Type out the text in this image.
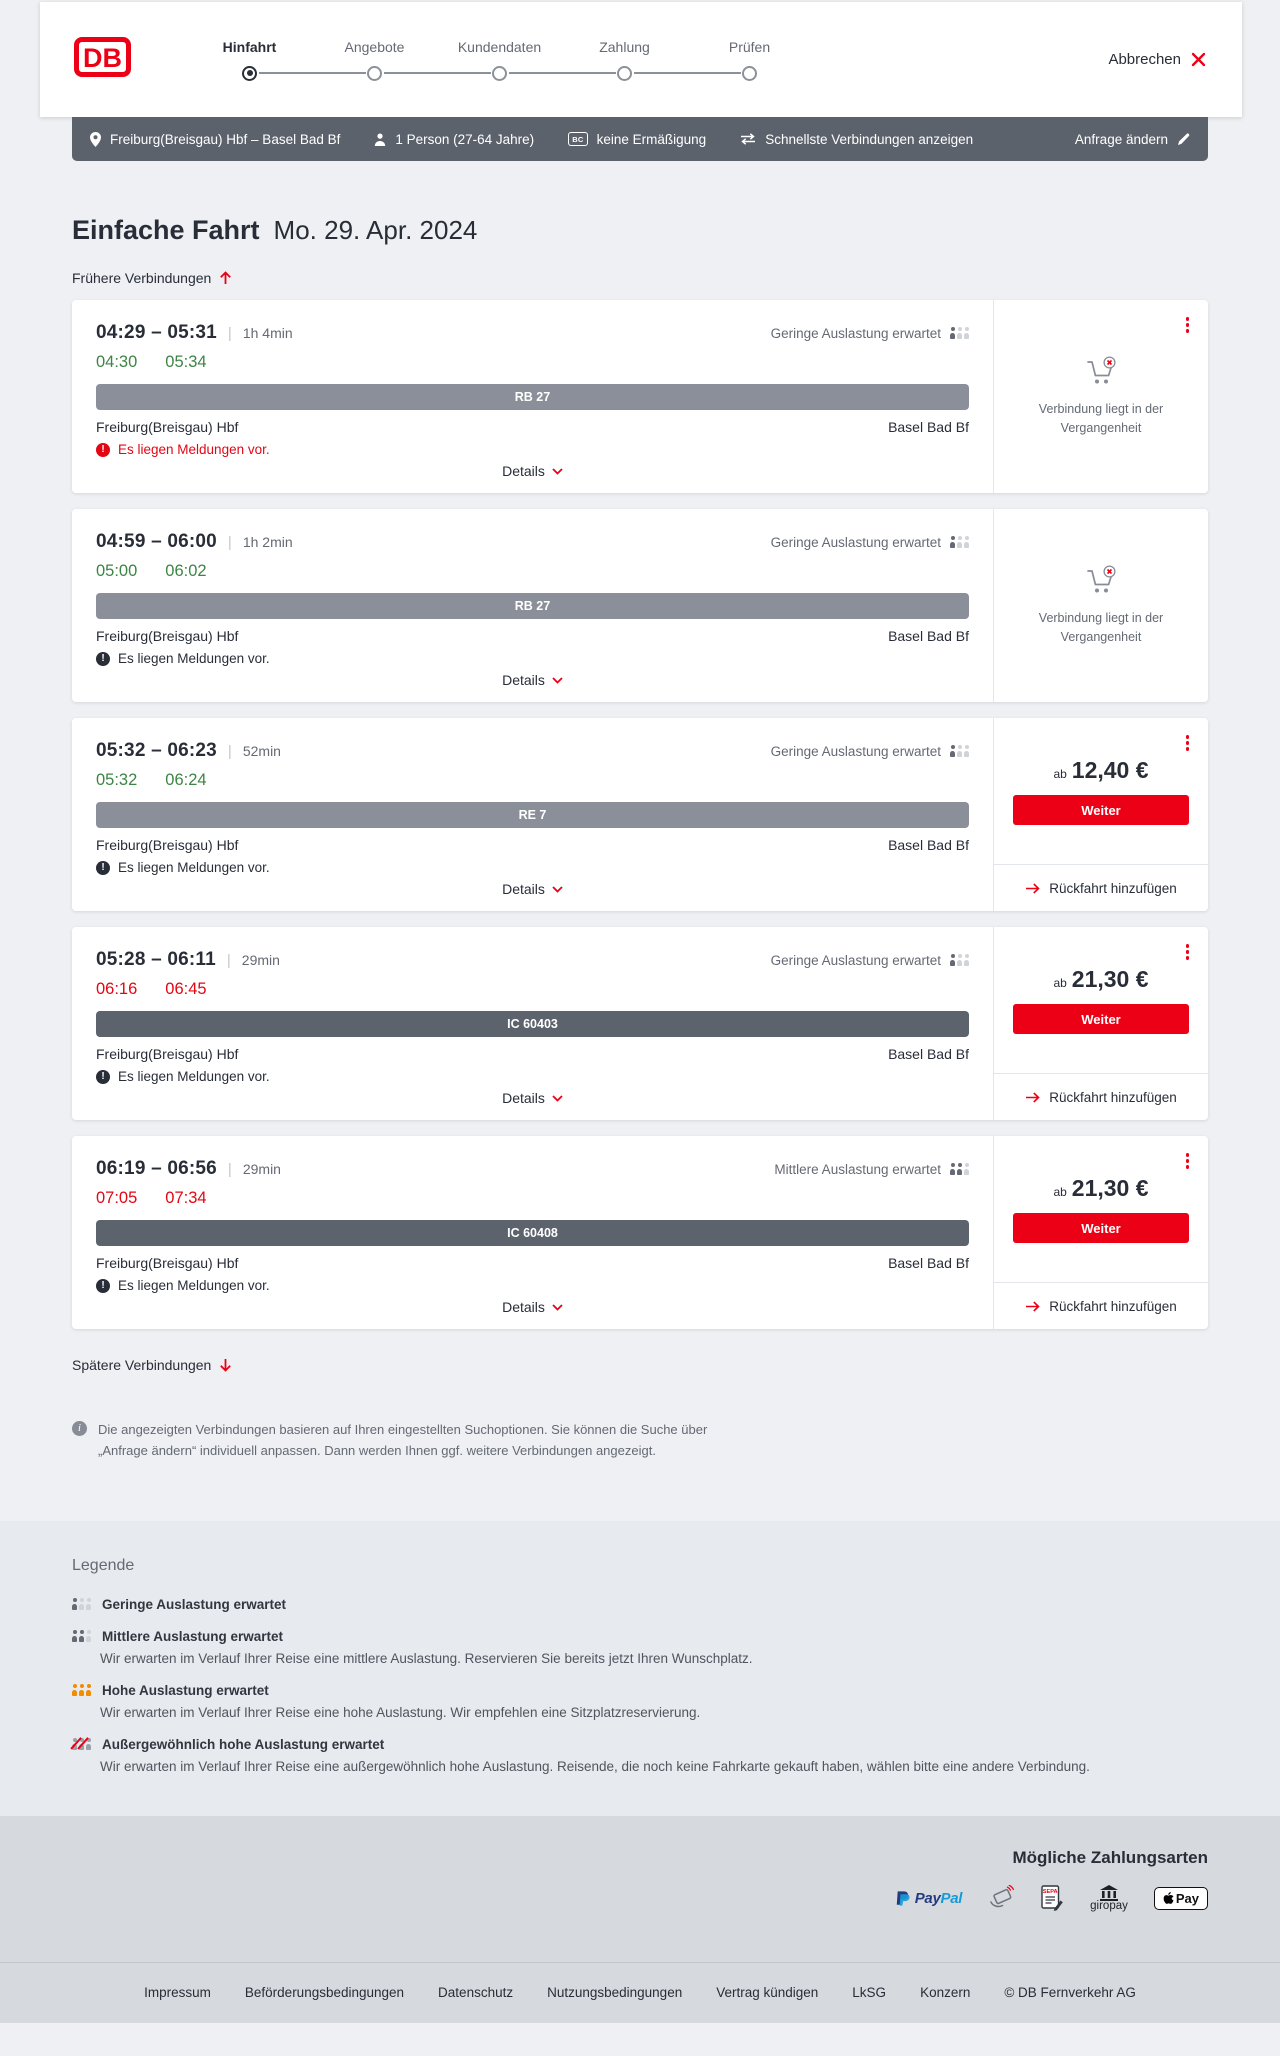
DB	Hinfahrt	Angebote	Kundendaten	Zahlung	Prüfen
Abbrechen
Freiburg(Breisgau) Hbf – Basel Bad Bf	1 Person (27-64 Jahre)	BC keine Ermäßigung	Schnellste Verbindungen anzeigen	Anfrage ändern
Einfache Fahrt Mo. 29. Apr. 2024
Frühere Verbindungen
04:29 – 05:31 | 1h 4min	Geringe Auslastung erwartet
04:30 05:34
RB 27
Freiburg(Breisgau) Hbf	Basel Bad Bf
! Es liegen Meldungen vor.
Details

Verbindung liegt in der Vergangenheit

04:59 – 06:00 | 1h 2min	Geringe Auslastung erwartet
05:00 06:02
RB 27
Freiburg(Breisgau) Hbf	Basel Bad Bf
! Es liegen Meldungen vor.
Details

Verbindung liegt in der Vergangenheit

05:32 – 06:23 | 52min	Geringe Auslastung erwartet
05:32 06:24
RE 7
Freiburg(Breisgau) Hbf	Basel Bad Bf
! Es liegen Meldungen vor.
Details
ab 12,40 €
Weiter
Rückfahrt hinzufügen
05:28 – 06:11 | 29min	Geringe Auslastung erwartet
06:16 06:45
IC 60403
Freiburg(Breisgau) Hbf	Basel Bad Bf
! Es liegen Meldungen vor.
Details
ab 21,30 €
Weiter
Rückfahrt hinzufügen
06:19 – 06:56 | 29min	Mittlere Auslastung erwartet
07:05 07:34
IC 60408
Freiburg(Breisgau) Hbf	Basel Bad Bf
! Es liegen Meldungen vor.
Details
ab 21,30 €
Weiter
Rückfahrt hinzufügen
Spätere Verbindungen
i	Die angezeigten Verbindungen basieren auf Ihren eingestellten Suchoptionen. Sie können die Suche über „Anfrage ändern“ individuell anpassen. Dann werden Ihnen ggf. weitere Verbindungen angezeigt.

Legende
Geringe Auslastung erwartet
Mittlere Auslastung erwartet

Wir erwarten im Verlauf Ihrer Reise eine mittlere Auslastung. Reservieren Sie bereits jetzt Ihren Wunschplatz.

Hohe Auslastung erwartet

Wir erwarten im Verlauf Ihrer Reise eine hohe Auslastung. Wir empfehlen eine Sitzplatzreservierung.

Außergewöhnlich hohe Auslastung erwartet

Wir erwarten im Verlauf Ihrer Reise eine außergewöhnlich hohe Auslastung. Reisende, die noch keine Fahrkarte gekauft haben, wählen bitte eine andere Verbindung.

Mögliche Zahlungsarten
PayPal	SEPA
giropay	Pay
Impressum	Beförderungsbedingungen	Datenschutz	Nutzungsbedingungen	Vertrag kündigen	LkSG	Konzern	© DB Fernverkehr AG
